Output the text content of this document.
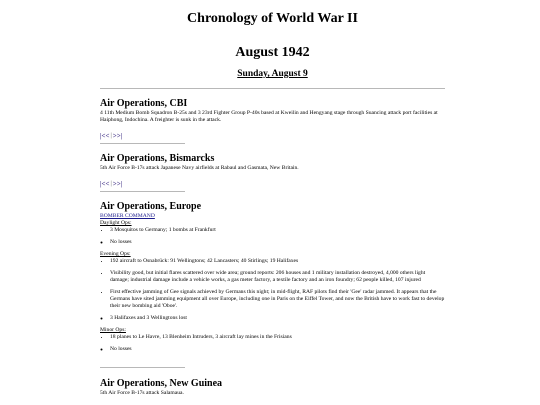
Chronology of World War II
August 1942
Sunday, August 9
Air Operations, CBI

4 11th Medium Bomb Squadron B-25s and 3 23rd Fighter Group P-40s based at Kweilin and Hengyang stage through Suancing attack port facilities at Haiphong, Indochina. A freighter is sunk in the attack.

|<< | >>|
Air Operations, Bismarcks

5th Air Force B-17s attack Japanese Navy airfields at Rabaul and Gasmata, New Britain.

|<< | >>|
Air Operations, Europe
BOMBER COMMAND
Daylight Ops:
• 3 Mosquitos to Germany; 1 bombs at Frankfurt
◦ No losses
Evening Ops:
• 192 aircraft to Osnabrück: 91 Wellingtons; 42 Lancasters; 40 Stirlings; 19 Halifaxes
• Visibility good, but initial flares scattered over wide area; ground reports: 206 houses and 1 military installation destroyed, 4,000 others light damage; industrial damage include a vehicle works, a gas meter factory, a textile factory and an iron foundry; 62 people killed, 107 injured
• First effective jamming of Gee signals achieved by Germans this night; in mid-flight, RAF pilots find their 'Gee' radar jammed. It appears that the Germans have sited jamming equipment all over Europe, including one in Paris on the Eiffel Tower, and now the British have to work fast to develop their new bombing aid 'Oboe'.
◦ 3 Halifaxes and 3 Wellingtons lost
Minor Ops:
• 18 planes to Le Havre, 13 Blenheim Intruders, 3 aircraft lay mines in the Frisians
◦ No losses
Air Operations, New Guinea

5th Air Force B-17s attack Salamaua.
